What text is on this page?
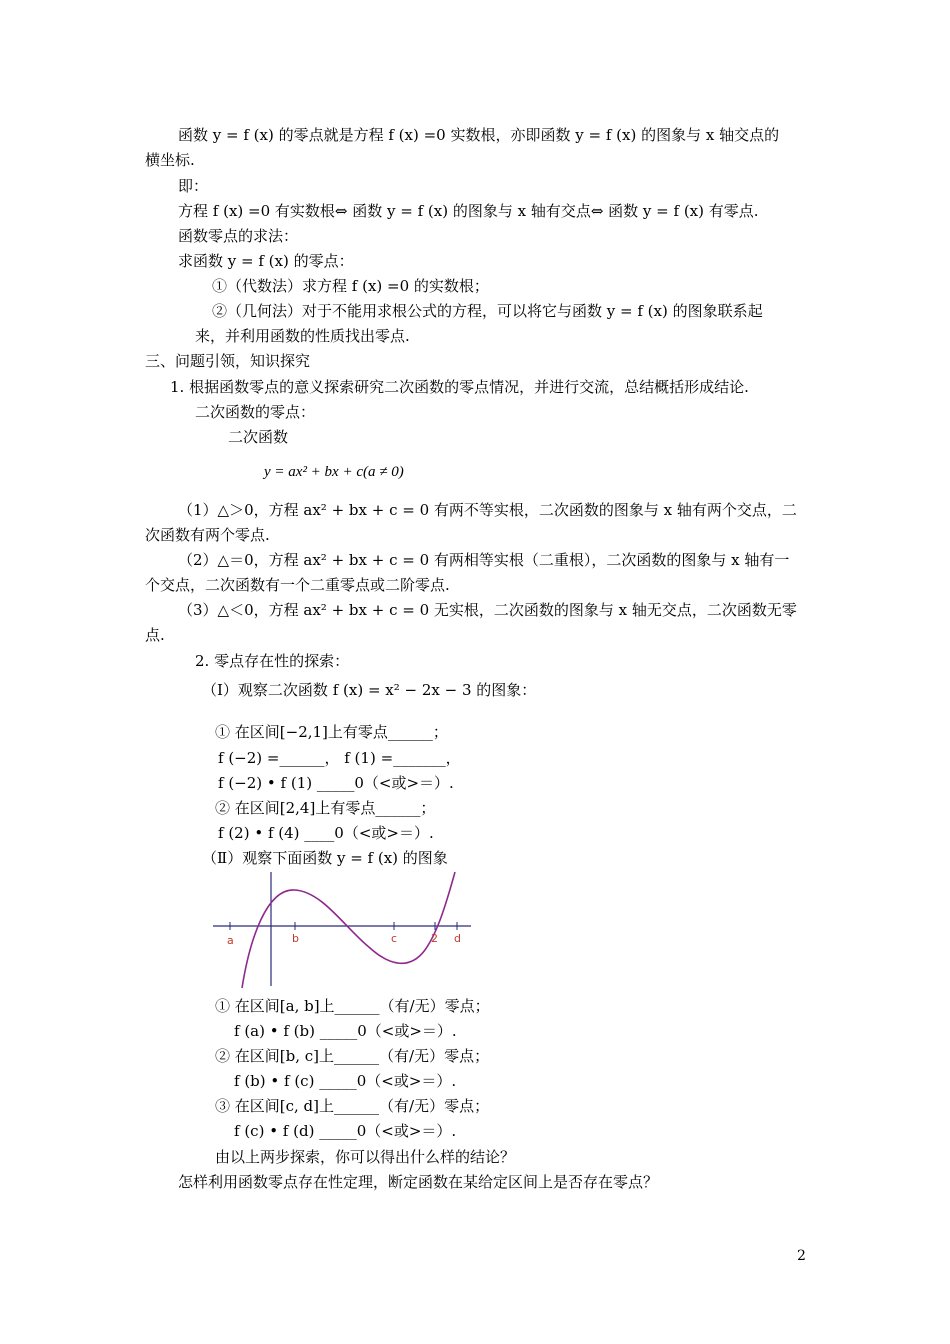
函数 y = f (x) 的零点就是方程 f (x) =0 实数根，亦即函数 y = f (x) 的图象与 x 轴交点的
横坐标.
即：
方程 f (x) =0 有实数根⇔ 函数 y = f (x) 的图象与 x 轴有交点⇔ 函数 y = f (x) 有零点.
函数零点的求法：
求函数 y = f (x) 的零点：
①（代数法）求方程 f (x) =0 的实数根；
②（几何法）对于不能用求根公式的方程，可以将它与函数 y = f (x) 的图象联系起
来，并利用函数的性质找出零点.
三、问题引领，知识探究
1. 根据函数零点的意义探索研究二次函数的零点情况，并进行交流，总结概括形成结论.
二次函数的零点：
二次函数
y = ax² + bx + c(a ≠ 0)
（1）△＞0，方程 ax² + bx + c = 0 有两不等实根，二次函数的图象与 x 轴有两个交点，二
次函数有两个零点.
（2）△＝0，方程 ax² + bx + c = 0 有两相等实根（二重根），二次函数的图象与 x 轴有一
个交点，二次函数有一个二重零点或二阶零点.
（3）△＜0，方程 ax² + bx + c = 0 无实根，二次函数的图象与 x 轴无交点，二次函数无零
点.
2. 零点存在性的探索：
（Ⅰ）观察二次函数 f (x) = x² − 2x − 3 的图象：
① 在区间[−2,1]上有零点______；
f (−2) =______， f (1) =_______，
f (−2) • f (1) _____0（<或>＝）.
② 在区间[2,4]上有零点______；
f (2) • f (4) ____0（<或>＝）.
（Ⅱ）观察下面函数 y = f (x) 的图象
a	b	c	2 d
① 在区间[a, b]上______（有/无）零点；
f (a) • f (b) _____0（<或>＝）.
② 在区间[b, c]上______（有/无）零点；
f (b) • f (c) _____0（<或>＝）.
③ 在区间[c, d]上______（有/无）零点；
f (c) • f (d) _____0（<或>＝）.
由以上两步探索，你可以得出什么样的结论？
怎样利用函数零点存在性定理，断定函数在某给定区间上是否存在零点？
2
